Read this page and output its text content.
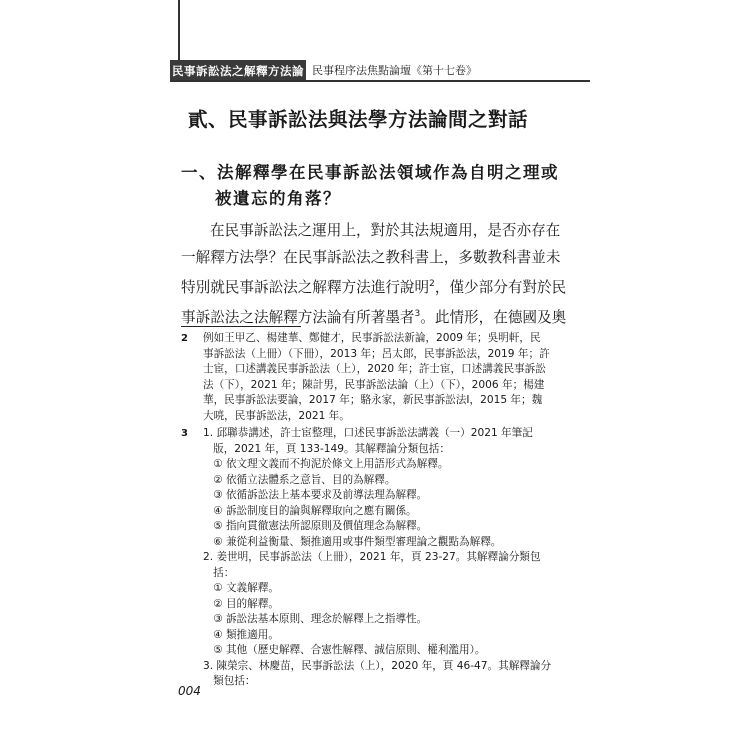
民事訴訟法之解釋方法論 民事程序法焦點論壇《第十七卷》
貳、民事訴訟法與法學方法論間之對話
一、法解釋學在民事訴訟法領域作為自明之理或
被遺忘的角落？
在民事訴訟法之運用上，對於其法規適用，是否亦存在
一解釋方法學？在民事訴訟法之教科書上，多數教科書並未
特別就民事訴訟法之解釋方法進行說明$^2$，僅少部分有對於民
事訴訟法之法解釋方法論有所著墨者$^3$。此情形，在德國及奧
2 例如王甲乙、楊建華、鄭健才，民事訴訟法新論，2009 年；吳明軒，民
事訴訟法（上冊）（下冊），2013 年；呂太郎，民事訴訟法，2019 年；許
士宦，口述講義民事訴訟法（上），2020 年；許士宦，口述講義民事訴訟
法（下），2021 年；陳計男，民事訴訟法論（上）（下），2006 年；楊建
華，民事訴訟法要論，2017 年；駱永家，新民事訴訟法Ⅰ，2015 年；魏
大喨，民事訴訟法，2021 年。
3 1. 邱聯恭講述，許士宦整理，口述民事訴訟法講義（一）2021 年筆記
版，2021 年，頁 133-149。其解釋論分類包括：
① 依文理文義而不拘泥於條文上用語形式為解釋。
② 依循立法體系之意旨、目的為解釋。
③ 依循訴訟法上基本要求及前導法理為解釋。
④ 訴訟制度目的論與解釋取向之應有關係。
⑤ 指向貫徹憲法所認原則及價值理念為解釋。
⑥ 兼從利益衡量、類推適用或事件類型審理論之觀點為解釋。
2. 姜世明，民事訴訟法（上冊），2021 年，頁 23-27。其解釋論分類包
括：
① 文義解釋。
② 目的解釋。
③ 訴訟法基本原則、理念於解釋上之指導性。
④ 類推適用。
⑤ 其他（歷史解釋、合憲性解釋、誠信原則、權利濫用）。
3. 陳榮宗、林慶苗，民事訴訟法（上），2020 年，頁 46-47。其解釋論分
類包括：
004
